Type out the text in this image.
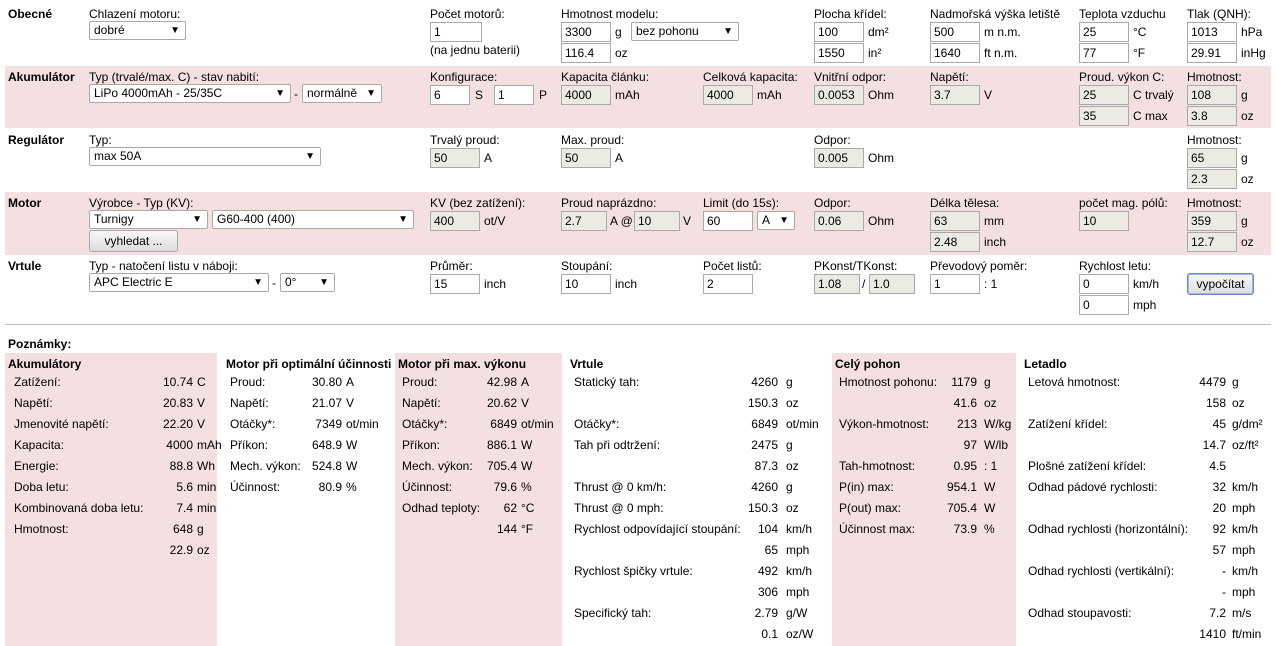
Obecné	Chlazení motoru:
dobré	▼
Počet motorů:
1
(na jednu baterii)
Hmotnost modelu:
3300	g	bez pohonu ▼
116.4	oz
Plocha křídel:
100	dm²
1550	in²
Nadmořská výška letiště
500	m n.m.
1640	ft n.m.
Teplota vzduchu
25	°C
77	°F
Tlak (QNH):
1013	hPa
29.91	inHg
Akumulátor Typ (trvalé/max. C) - stav nabití:
LiPo 4000mAh - 25/35C	▼ - normálně ▼
Konfigurace:
6	S	1	P
Kapacita článku:
4000	mAh
Celková kapacita:
4000	mAh
Vnitřní odpor:
0.0053	Ohm
Napětí:
3.7	V
Proud. výkon C:
25	C trvalý
35	C max
Hmotnost:
108	g
3.8	oz
Regulátor Typ:
max 50A	▼
Trvalý proud:
50	A
Max. proud:
50	A
Odpor:
0.005	Ohm
Hmotnost:
65	g
2.3	oz
Motor	Výrobce - Typ (KV):
Turnigy	▼	G60-400 (400)	▼
vyhledat ...
KV (bez zatížení):
400	ot/V
Proud naprázdno:
2.7	A @ 10	V
Limit (do 15s):
60	A ▼
Odpor:
0.06	Ohm
Délka tělesa:
63	mm
2.48	inch
počet mag. pólů:
10
Hmotnost:
359	g
12.7	oz
Vrtule	Typ - natočení listu v náboji:
APC Electric E	▼ - 0° ▼
Průměr:
15	inch
Stoupání:
10	inch
Počet listů:
2
PKonst/TKonst:
1.08	/ 1.0
Převodový poměr:
1	: 1
Rychlost letu:
0	km/h
0	mph
vypočítat
Poznámky:
Akumulátory
Zatížení:	10.74 C
Napětí:	20.83 V
Jmenovité napětí:	22.20 V
Kapacita:	4000 mAh
Energie:	88.8 Wh
Doba letu:	5.6 min
Kombinovaná doba letu:	7.4 min
Hmotnost:	648 g
22.9 oz
Motor při optimální účinnosti
Proud:	30.80 A
Napětí:	21.07 V
Otáčky*:	7349 ot/min
Příkon:	648.9 W
Mech. výkon: 524.8 W
Účinnost:	80.9 %
Motor při max. výkonu
Proud:	42.98 A
Napětí:	20.62 V
Otáčky*:	6849 ot/min
Příkon:	886.1 W
Mech. výkon: 705.4 W
Účinnost:	79.6 %
Odhad teploty: 62 °C
144 °F
Vrtule
Statický tah:	4260 g
150.3 oz
Otáčky*:	6849 ot/min
Tah při odtržení:	2475 g
87.3 oz
Thrust @ 0 km/h:	4260 g
Thrust @ 0 mph:	150.3 oz
Rychlost odpovídající stoupání: 104 km/h
65 mph
Rychlost špičky vrtule:	492 km/h
306 mph
Specifický tah:	2.79 g/W
0.1 oz/W
Celý pohon
Hmotnost pohonu: 1179 g
41.6 oz
Výkon-hmotnost: 213 W/kg
97 W/lb
Tah-hmotnost:	0.95 : 1
P(in) max:	954.1 W
P(out) max:	705.4 W
Účinnost max:	73.9 %
Letadlo
Letová hmotnost:	4479 g
158 oz
Zatížení křídel:	45 g/dm²
14.7 oz/ft²
Plošné zatížení křídel:	4.5
Odhad pádové rychlosti:	32 km/h
20 mph
Odhad rychlosti (horizontální): 92 km/h
57 mph
Odhad rychlosti (vertikální):	- km/h
- mph
Odhad stoupavosti:	7.2 m/s
1410 ft/min
